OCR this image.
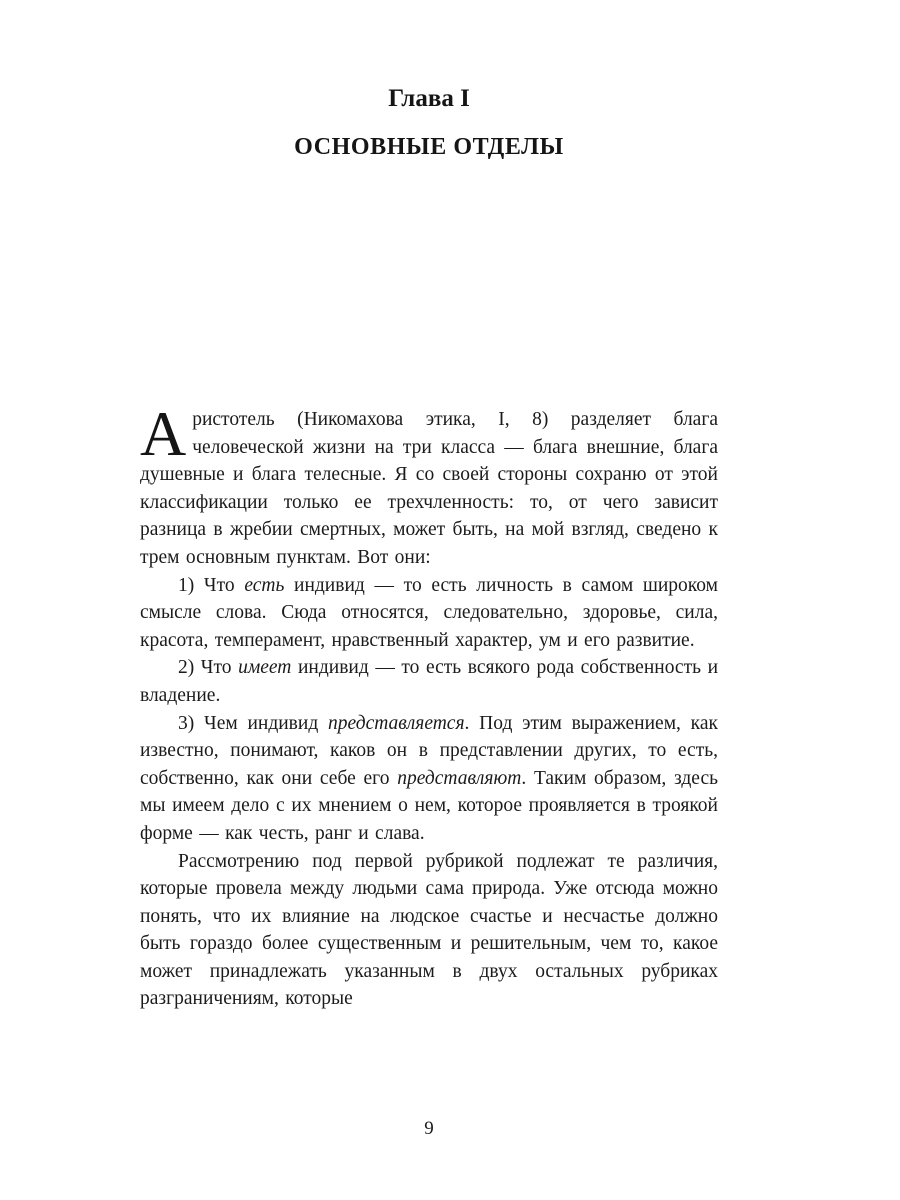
Глава I
ОСНОВНЫЕ ОТДЕЛЫ

Аристотель (Никомахова этика, I, 8) разделяет блага человеческой жизни на три класса — блага внешние, блага душевные и блага телесные. Я со своей стороны сохраню от этой классификации только ее трехчленность: то, от чего зависит разница в жребии смертных, может быть, на мой взгляд, сведено к трем основным пунктам. Вот они:

1) Что есть индивид — то есть личность в самом широком смысле слова. Сюда относятся, следовательно, здоровье, сила, красота, темперамент, нравственный характер, ум и его развитие.

2) Что имеет индивид — то есть всякого рода собственность и владение.

3) Чем индивид представляется. Под этим выражением, как известно, понимают, каков он в представлении других, то есть, собственно, как они себе его представляют. Таким образом, здесь мы имеем дело с их мнением о нем, которое проявляется в троякой форме — как честь, ранг и слава.

Рассмотрению под первой рубрикой подлежат те различия, которые провела между людьми сама природа. Уже отсюда можно понять, что их влияние на людское счастье и несчастье должно быть гораздо более существенным и решительным, чем то, какое может принадлежать указанным в двух остальных рубриках разграничениям, которые

9
